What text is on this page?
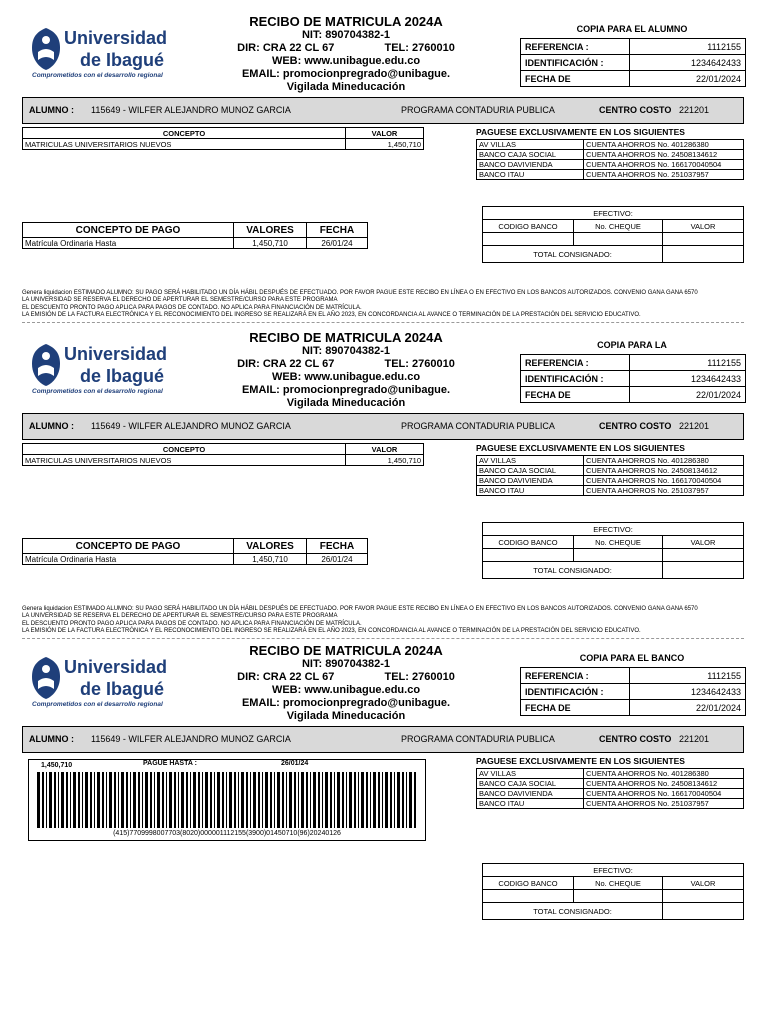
Universidad
de Ibagué
Comprometidos con el desarrollo regional
RECIBO DE MATRICULA 2024A
NIT: 890704382-1
DIR: CRA 22 CL 67	TEL: 2760010
WEB: www.unibague.edu.co
EMAIL: promocionpregrado@unibague.
Vigilada Mineducación
COPIA PARA EL ALUMNO
REFERENCIA :	1112155
IDENTIFICACIÓN :	1234642433
FECHA DE	22/01/2024
ALUMNO : 115649 - WILFER ALEJANDRO MUNOZ GARCIA	PROGRAMA CONTADURIA PUBLICA	CENTRO COSTO 221201
CONCEPTO	VALOR
MATRICULAS UNIVERSITARIOS NUEVOS	1,450,710
CONCEPTO DE PAGO	VALORES	FECHA
Matrícula Ordinaria Hasta	1,450,710	26/01/24
Genera liquidacion ESTIMADO ALUMNO: SU PAGO SERÁ HABILITADO UN DÍA HÁBIL DESPUÉS DE EFECTUADO. POR FAVOR PAGUE ESTE RECIBO EN LÍNEA O EN EFECTIVO EN LOS BANCOS AUTORIZADOS. CONVENIO GANA GANA 6570
LA UNIVERSIDAD SE RESERVA EL DERECHO DE APERTURAR EL SEMESTRE/CURSO PARA ESTE PROGRAMA
EL DESCUENTO PRONTO PAGO APLICA PARA PAGOS DE CONTADO. NO APLICA PARA FINANCIACIÓN DE MATRÍCULA.
LA EMISIÓN DE LA FACTURA ELECTRÓNICA Y EL RECONOCIMIENTO DEL INGRESO SE REALIZARÁ EN EL AÑO 2023, EN CONCORDANCIA AL AVANCE O TERMINACIÓN DE LA PRESTACIÓN DEL SERVICIO EDUCATIVO.
PAGUESE EXCLUSIVAMENTE EN LOS SIGUIENTES
AV VILLAS	CUENTA AHORROS No. 401286380
BANCO CAJA SOCIAL	CUENTA AHORROS No. 24508134612
BANCO DAVIVIENDA	CUENTA AHORROS No. 166170040504
BANCO ITAU	CUENTA AHORROS No. 251037957
EFECTIVO:		
CODIGO BANCO	No. CHEQUE	VALOR

TOTAL CONSIGNADO:		
Universidad
de Ibagué
Comprometidos con el desarrollo regional
RECIBO DE MATRICULA 2024A
NIT: 890704382-1
DIR: CRA 22 CL 67	TEL: 2760010
WEB: www.unibague.edu.co
EMAIL: promocionpregrado@unibague.
Vigilada Mineducación
COPIA PARA LA
REFERENCIA :	1112155
IDENTIFICACIÓN :	1234642433
FECHA DE	22/01/2024
ALUMNO : 115649 - WILFER ALEJANDRO MUNOZ GARCIA	PROGRAMA CONTADURIA PUBLICA	CENTRO COSTO 221201
CONCEPTO	VALOR
MATRICULAS UNIVERSITARIOS NUEVOS	1,450,710
CONCEPTO DE PAGO	VALORES	FECHA
Matrícula Ordinaria Hasta	1,450,710	26/01/24
Genera liquidacion ESTIMADO ALUMNO: SU PAGO SERÁ HABILITADO UN DÍA HÁBIL DESPUÉS DE EFECTUADO. POR FAVOR PAGUE ESTE RECIBO EN LÍNEA O EN EFECTIVO EN LOS BANCOS AUTORIZADOS. CONVENIO GANA GANA 6570
LA UNIVERSIDAD SE RESERVA EL DERECHO DE APERTURAR EL SEMESTRE/CURSO PARA ESTE PROGRAMA
EL DESCUENTO PRONTO PAGO APLICA PARA PAGOS DE CONTADO. NO APLICA PARA FINANCIACIÓN DE MATRÍCULA.
LA EMISIÓN DE LA FACTURA ELECTRÓNICA Y EL RECONOCIMIENTO DEL INGRESO SE REALIZARÁ EN EL AÑO 2023, EN CONCORDANCIA AL AVANCE O TERMINACIÓN DE LA PRESTACIÓN DEL SERVICIO EDUCATIVO.
PAGUESE EXCLUSIVAMENTE EN LOS SIGUIENTES
AV VILLAS	CUENTA AHORROS No. 401286380
BANCO CAJA SOCIAL	CUENTA AHORROS No. 24508134612
BANCO DAVIVIENDA	CUENTA AHORROS No. 166170040504
BANCO ITAU	CUENTA AHORROS No. 251037957
EFECTIVO:		
CODIGO BANCO	No. CHEQUE	VALOR

TOTAL CONSIGNADO:		
Universidad
de Ibagué
Comprometidos con el desarrollo regional
RECIBO DE MATRICULA 2024A
NIT: 890704382-1
DIR: CRA 22 CL 67	TEL: 2760010
WEB: www.unibague.edu.co
EMAIL: promocionpregrado@unibague.
Vigilada Mineducación
COPIA PARA EL BANCO
REFERENCIA :	1112155
IDENTIFICACIÓN :	1234642433
FECHA DE	22/01/2024
ALUMNO : 115649 - WILFER ALEJANDRO MUNOZ GARCIA	PROGRAMA CONTADURIA PUBLICA	CENTRO COSTO 221201
1,450,710	PAGUE HASTA :	26/01/24
(415)7709998007703(8020)000001112155(3900)01450710(96)20240126
PAGUESE EXCLUSIVAMENTE EN LOS SIGUIENTES
AV VILLAS	CUENTA AHORROS No. 401286380
BANCO CAJA SOCIAL	CUENTA AHORROS No. 24508134612
BANCO DAVIVIENDA	CUENTA AHORROS No. 166170040504
BANCO ITAU	CUENTA AHORROS No. 251037957
EFECTIVO:		
CODIGO BANCO	No. CHEQUE	VALOR

TOTAL CONSIGNADO:		
